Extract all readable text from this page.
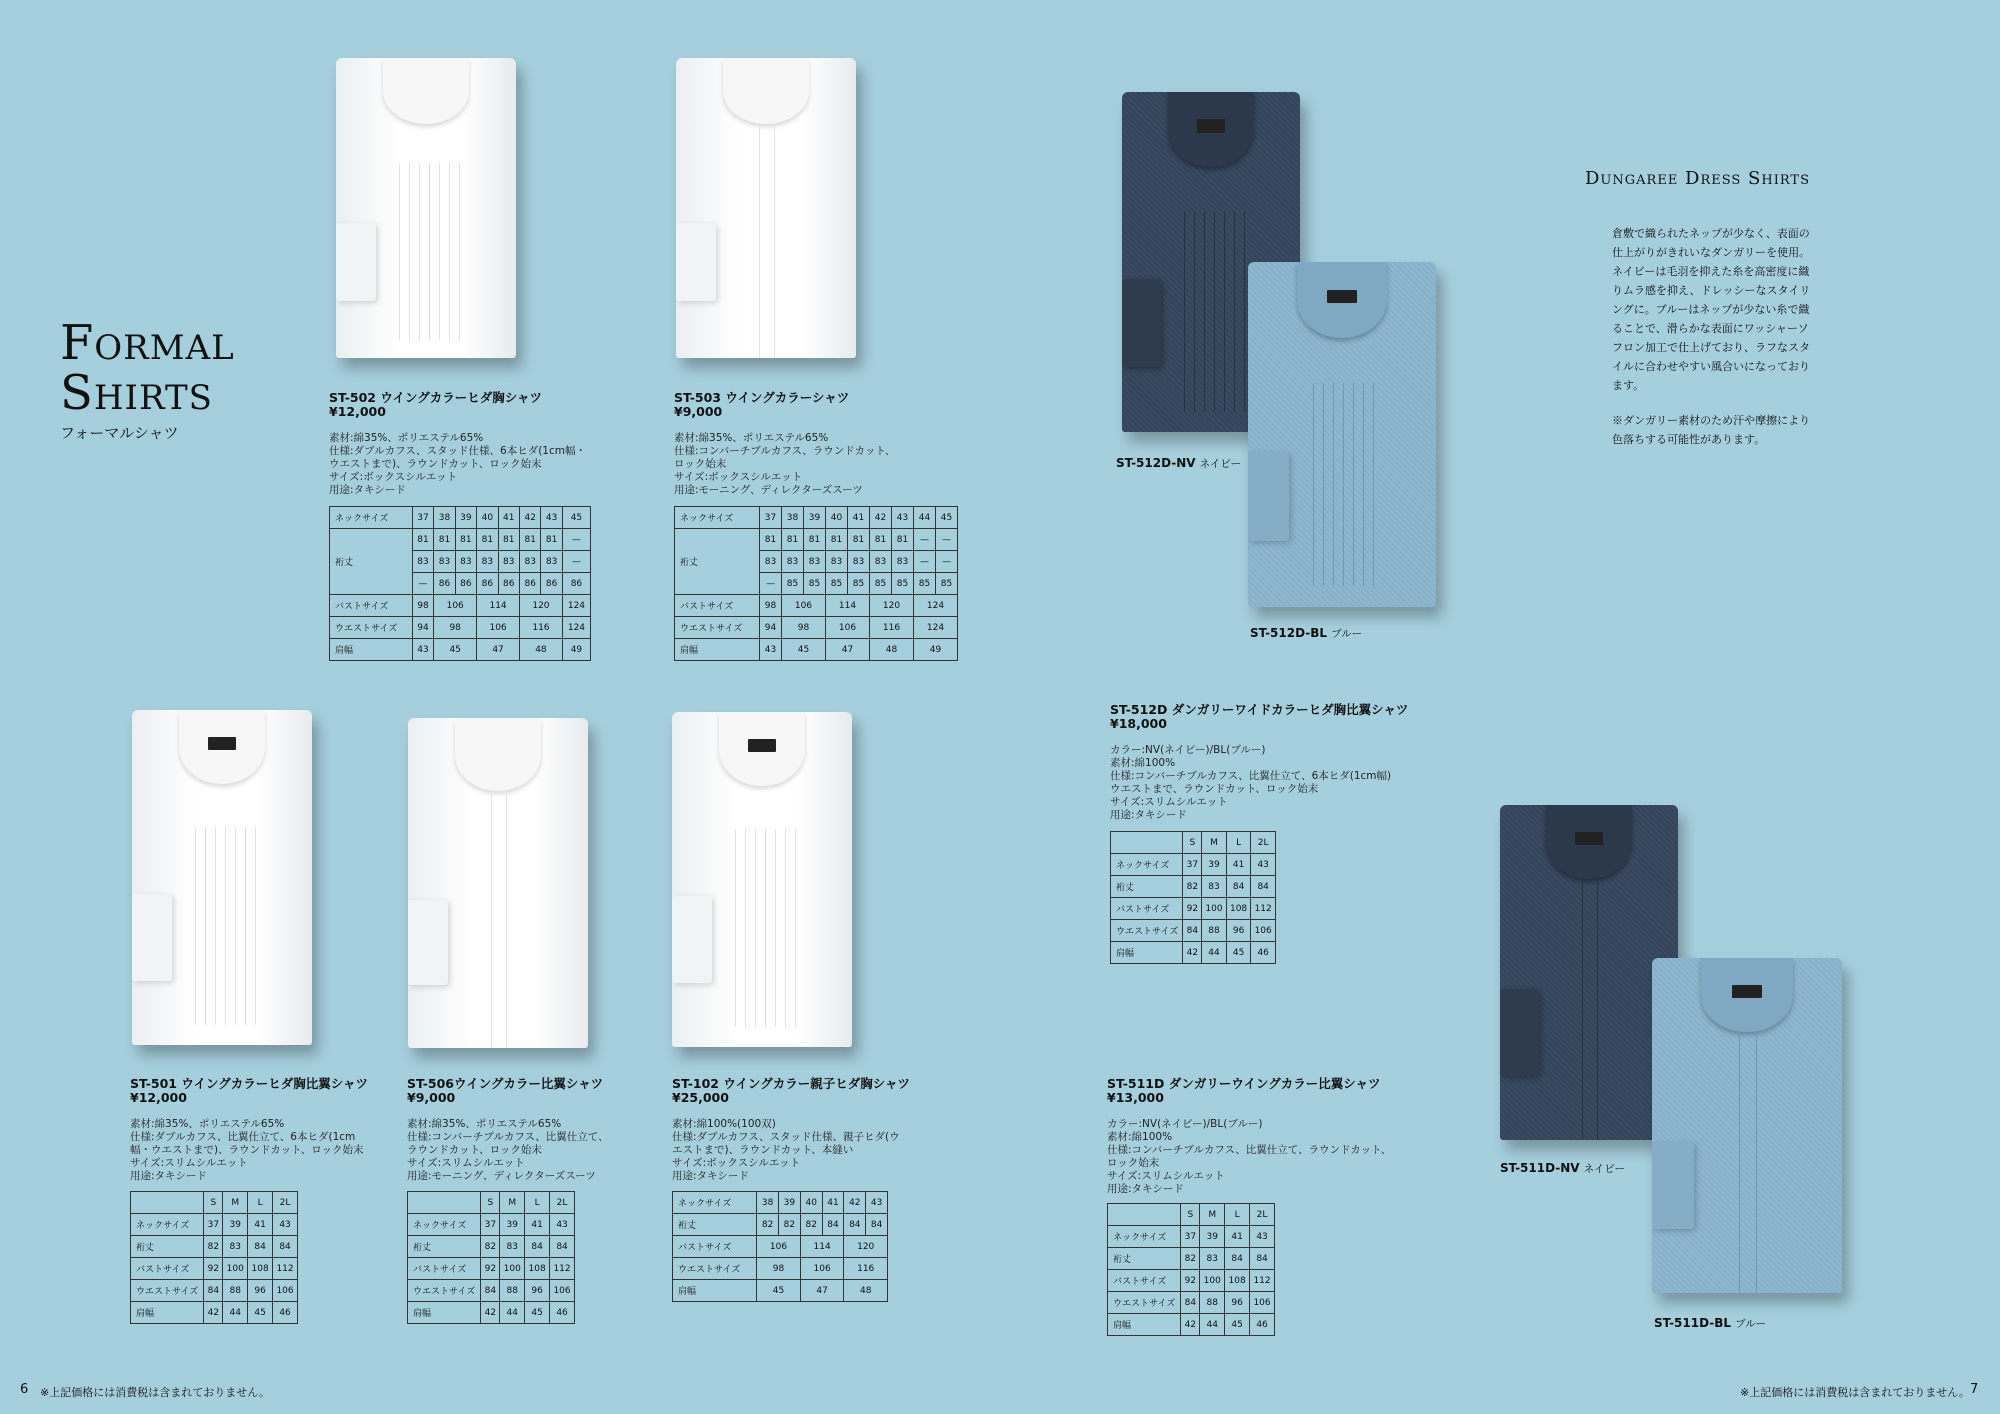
Formal
Shirts
フォーマルシャツ
ST-512D-NV ネイビー
ST-512D-BL ブルー
ST-511D-NV ネイビー
ST-511D-BL ブルー
Dungaree Dress Shirts

倉敷で織られたネップが少なく、表面の仕上がりがきれいなダンガリーを使用。ネイビーは毛羽を抑えた糸を高密度に織りムラ感を抑え、ドレッシーなスタイリングに。ブルーはネップが少ない糸で織ることで、滑らかな表面にワッシャーソフロン加工で仕上げており、ラフなスタイルに合わせやすい風合いになっております。

※ダンガリー素材のため汗や摩擦により色落ちする可能性があります。

ST-502 ウイングカラーヒダ胸シャツ
¥12,000
素材:綿35%、ポリエステル65%
仕様:ダブルカフス、スタッド仕様、6本ヒダ(1cm幅・
ウエストまで)、ラウンドカット、ロック始末
サイズ:ボックスシルエット
用途:タキシード
ネックサイズ	37	38	39	40	41	42	43	45
裄丈	81	81	81	81	81	81	81	—
	83	83	83	83	83	83	83	—
	—	86	86	86	86	86	86	86
バストサイズ	98	106		114		120		124
ウエストサイズ	94	98		106		116		124
肩幅	43	45		47		48		49
ST-503 ウイングカラーシャツ
¥9,000
素材:綿35%、ポリエステル65%
仕様:コンバーチブルカフス、ラウンドカット、
ロック始末
サイズ:ボックスシルエット
用途:モーニング、ディレクターズスーツ
ネックサイズ	37	38	39	40	41	42	43	44	45
裄丈	81	81	81	81	81	81	81	—	—
	83	83	83	83	83	83	83	—	—
	—	85	85	85	85	85	85	85	85
バストサイズ	98	106		114		120		124	
ウエストサイズ	94	98		106		116		124	
肩幅	43	45		47		48		49	
ST-501 ウイングカラーヒダ胸比翼シャツ
¥12,000
素材:綿35%、ポリエステル65%
仕様:ダブルカフス、比翼仕立て、6本ヒダ(1cm
幅・ウエストまで)、ラウンドカット、ロック始末
サイズ:スリムシルエット
用途:タキシード
	S	M	L	2L
ネックサイズ	37	39	41	43
裄丈	82	83	84	84
バストサイズ	92	100	108	112
ウエストサイズ	84	88	96	106
肩幅	42	44	45	46
ST-506ウイングカラー比翼シャツ
¥9,000
素材:綿35%、ポリエステル65%
仕様:コンバーチブルカフス、比翼仕立て、
ラウンドカット、ロック始末
サイズ:スリムシルエット
用途:モーニング、ディレクターズスーツ
	S	M	L	2L
ネックサイズ	37	39	41	43
裄丈	82	83	84	84
バストサイズ	92	100	108	112
ウエストサイズ	84	88	96	106
肩幅	42	44	45	46
ST-102 ウイングカラー親子ヒダ胸シャツ
¥25,000
素材:綿100%(100双)
仕様:ダブルカフス、スタッド仕様、親子ヒダ(ウ
エストまで)、ラウンドカット、本縫い
サイズ:ボックスシルエット
用途:タキシード
ネックサイズ	38	39	40	41	42	43
裄丈	82	82	82	84	84	84
バストサイズ	106		114		120	
ウエストサイズ	98		106		116	
肩幅	45		47		48	
ST-512D ダンガリーワイドカラーヒダ胸比翼シャツ
¥18,000
カラー:NV(ネイビー)/BL(ブルー)
素材:綿100%
仕様:コンバーチブルカフス、比翼仕立て、6本ヒダ(1cm幅)
ウエストまで、ラウンドカット、ロック始末
サイズ:スリムシルエット
用途:タキシード
	S	M	L	2L
ネックサイズ	37	39	41	43
裄丈	82	83	84	84
バストサイズ	92	100	108	112
ウエストサイズ	84	88	96	106
肩幅	42	44	45	46
ST-511D ダンガリーウイングカラー比翼シャツ
¥13,000
カラー:NV(ネイビー)/BL(ブルー)
素材:綿100%
仕様:コンバーチブルカフス、比翼仕立て、ラウンドカット、
ロック始末
サイズ:スリムシルエット
用途:タキシード
	S	M	L	2L
ネックサイズ	37	39	41	43
裄丈	82	83	84	84
バストサイズ	92	100	108	112
ウエストサイズ	84	88	96	106
肩幅	42	44	45	46
6 ※上記価格には消費税は含まれておりません。	※上記価格には消費税は含まれておりません。 7
